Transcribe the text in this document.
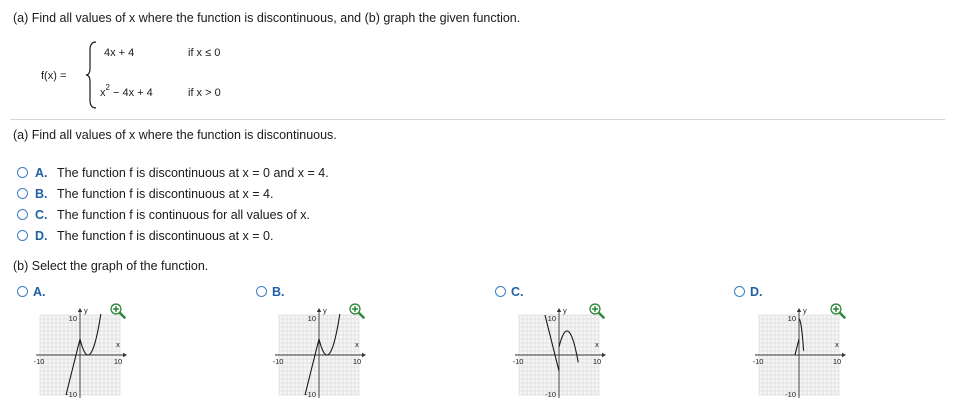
(a) Find all values of x where the function is discontinuous, and (b) graph the given function.
f(x) =
4x + 4	if x ≤ 0
$x^2 - 4x + 4$	if x > 0
(a) Find all values of x where the function is discontinuous.
A. The function f is discontinuous at x = 0 and x = 4.
B. The function f is discontinuous at x = 4.
C. The function f is continuous for all values of x.
D. The function f is discontinuous at x = 0.
(b) Select the graph of the function.
A.	B.	C.	D.
10
-10
-10	10
x
y
10
-10
-10	10
x
y
10
-10
-10	10
x
y
10
-10
-10	10
x
y
